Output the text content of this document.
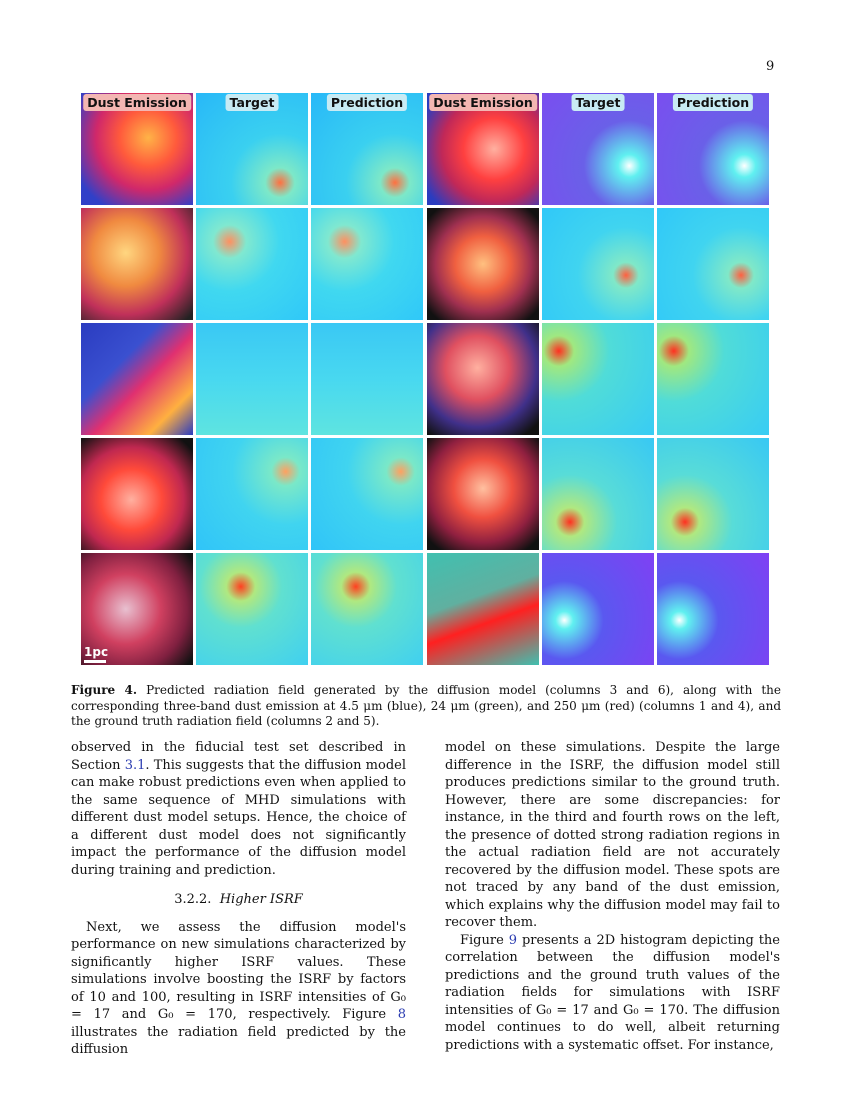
9
Dust Emission	Target	Prediction	Dust Emission	Target	Prediction
1pc
Figure 4. Predicted radiation field generated by the diffusion model (columns 3 and 6), along with the corresponding three-band dust emission at 4.5 μm (blue), 24 μm (green), and 250 μm (red) (columns 1 and 4), and the ground truth radiation field (columns 2 and 5).

observed in the fiducial test set described in Section 3.1. This suggests that the diffusion model can make robust predictions even when applied to the same sequence of MHD simulations with different dust model setups. Hence, the choice of a different dust model does not significantly impact the performance of the diffusion model during training and prediction.

3.2.2. Higher ISRF

Next, we assess the diffusion model's performance on new simulations characterized by significantly higher ISRF values. These simulations involve boosting the ISRF by factors of 10 and 100, resulting in ISRF intensities of G₀ = 17 and G₀ = 170, respectively. Figure 8 illustrates the radiation field predicted by the diffusion

model on these simulations. Despite the large difference in the ISRF, the diffusion model still produces predictions similar to the ground truth. However, there are some discrepancies: for instance, in the third and fourth rows on the left, the presence of dotted strong radiation regions in the actual radiation field are not accurately recovered by the diffusion model. These spots are not traced by any band of the dust emission, which explains why the diffusion model may fail to recover them.

Figure 9 presents a 2D histogram depicting the correlation between the diffusion model's predictions and the ground truth values of the radiation fields for simulations with ISRF intensities of G₀ = 17 and G₀ = 170. The diffusion model continues to do well, albeit returning predictions with a systematic offset. For instance,
